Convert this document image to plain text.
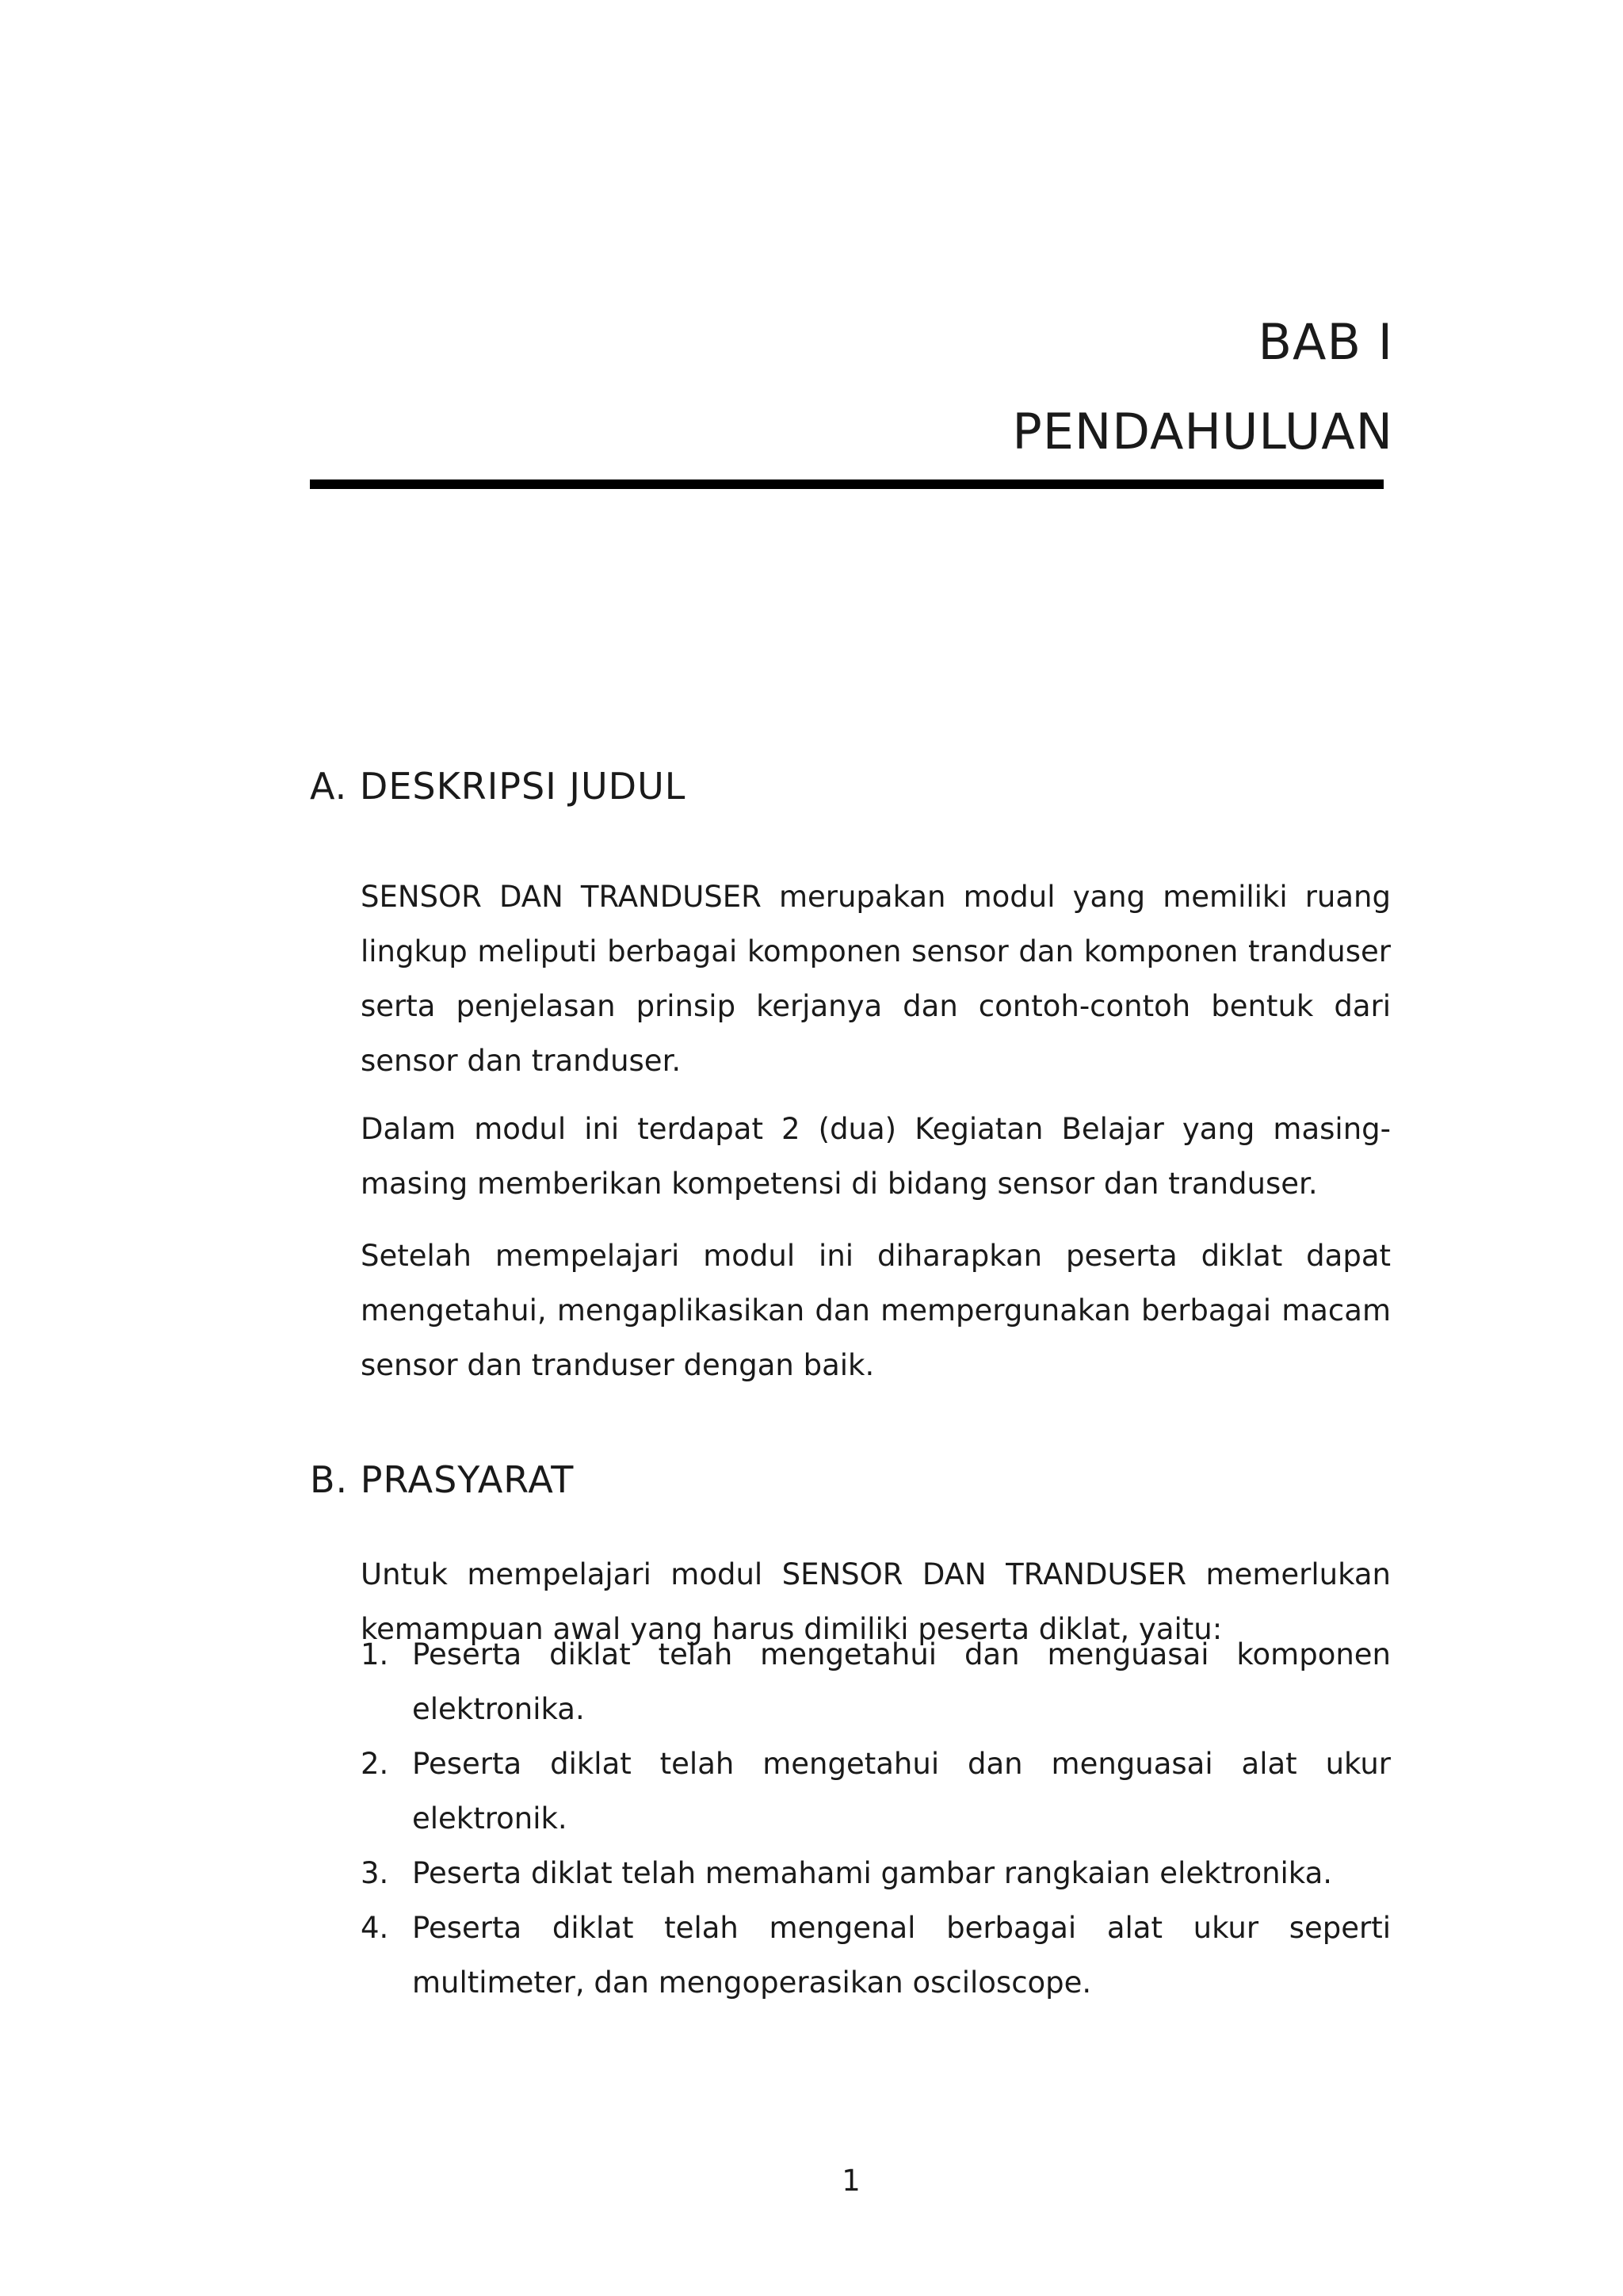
BAB I
PENDAHULUAN
A. DESKRIPSI JUDUL

SENSOR DAN TRANDUSER merupakan modul yang memiliki ruang lingkup meliputi berbagai komponen sensor dan komponen tranduser serta penjelasan prinsip kerjanya dan contoh-contoh bentuk dari sensor dan tranduser.

Dalam modul ini terdapat 2 (dua) Kegiatan Belajar yang masing-masing memberikan kompetensi di bidang sensor dan tranduser.

Setelah mempelajari modul ini diharapkan peserta diklat dapat mengetahui, mengaplikasikan dan mempergunakan berbagai macam sensor dan tranduser dengan baik.

B. PRASYARAT

Untuk mempelajari modul SENSOR DAN TRANDUSER memerlukan kemampuan awal yang harus dimiliki peserta diklat, yaitu:

1. Peserta diklat telah mengetahui dan menguasai komponen elektronika.
2. Peserta diklat telah mengetahui dan menguasai alat ukur elektronik.
3. Peserta diklat telah memahami gambar rangkaian elektronika.
4. Peserta diklat telah mengenal berbagai alat ukur seperti multimeter, dan mengoperasikan osciloscope.
1
